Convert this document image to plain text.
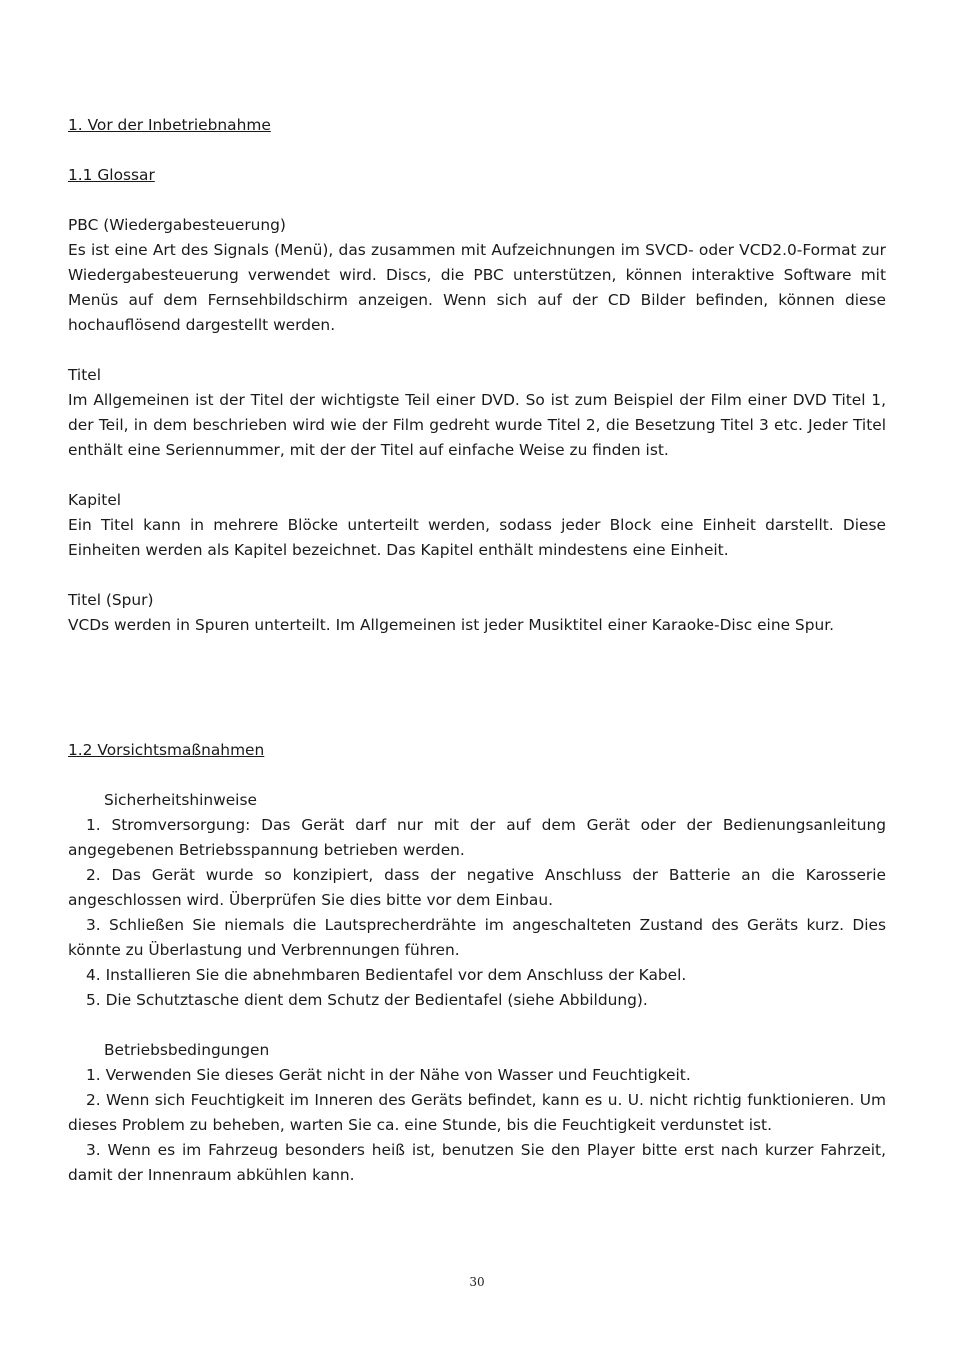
1. Vor der Inbetriebnahme
1.1 Glossar
PBC (Wiedergabesteuerung)

Es ist eine Art des Signals (Menü), das zusammen mit Aufzeichnungen im SVCD- oder VCD2.0-Format zur Wiedergabesteuerung verwendet wird. Discs, die PBC unterstützen, können interaktive Software mit Menüs auf dem Fernsehbildschirm anzeigen. Wenn sich auf der CD Bilder befinden, können diese hochauflösend dargestellt werden.

Titel

Im Allgemeinen ist der Titel der wichtigste Teil einer DVD. So ist zum Beispiel der Film einer DVD Titel 1, der Teil, in dem beschrieben wird wie der Film gedreht wurde Titel 2, die Besetzung Titel 3 etc. Jeder Titel enthält eine Seriennummer, mit der der Titel auf einfache Weise zu finden ist.

Kapitel

Ein Titel kann in mehrere Blöcke unterteilt werden, sodass jeder Block eine Einheit darstellt. Diese Einheiten werden als Kapitel bezeichnet. Das Kapitel enthält mindestens eine Einheit.

Titel (Spur)

VCDs werden in Spuren unterteilt. Im Allgemeinen ist jeder Musiktitel einer Karaoke-Disc eine Spur.

1.2 Vorsichtsmaßnahmen
Sicherheitshinweise

1. Stromversorgung: Das Gerät darf nur mit der auf dem Gerät oder der Bedienungsanleitung angegebenen Betriebsspannung betrieben werden.

2. Das Gerät wurde so konzipiert, dass der negative Anschluss der Batterie an die Karosserie angeschlossen wird. Überprüfen Sie dies bitte vor dem Einbau.

3. Schließen Sie niemals die Lautsprecherdrähte im angeschalteten Zustand des Geräts kurz. Dies könnte zu Überlastung und Verbrennungen führen.

4. Installieren Sie die abnehmbaren Bedientafel vor dem Anschluss der Kabel.

5. Die Schutztasche dient dem Schutz der Bedientafel (siehe Abbildung).

Betriebsbedingungen

1. Verwenden Sie dieses Gerät nicht in der Nähe von Wasser und Feuchtigkeit.

2. Wenn sich Feuchtigkeit im Inneren des Geräts befindet, kann es u. U. nicht richtig funktionieren. Um dieses Problem zu beheben, warten Sie ca. eine Stunde, bis die Feuchtigkeit verdunstet ist.

3. Wenn es im Fahrzeug besonders heiß ist, benutzen Sie den Player bitte erst nach kurzer Fahrzeit, damit der Innenraum abkühlen kann.

30
